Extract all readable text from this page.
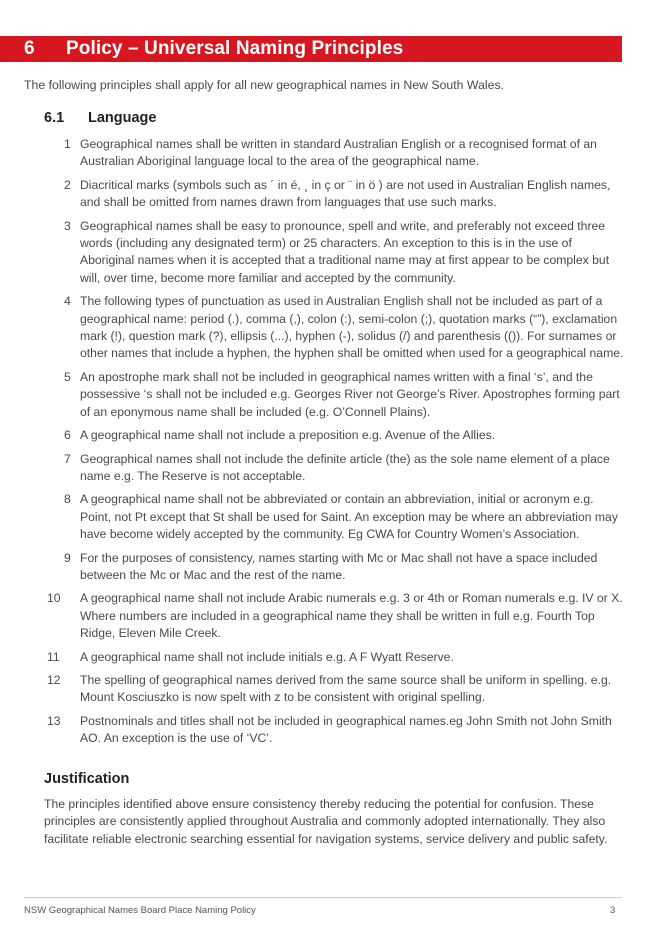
6 Policy – Universal Naming Principles
The following principles shall apply for all new geographical names in New South Wales.
6.1 Language
1 Geographical names shall be written in standard Australian English or a recognised format of an Australian Aboriginal language local to the area of the geographical name.
2 Diacritical marks (symbols such as ´ in é, ¸ in ç or ¨ in ö ) are not used in Australian English names, and shall be omitted from names drawn from languages that use such marks.
3 Geographical names shall be easy to pronounce, spell and write, and preferably not exceed three words (including any designated term) or 25 characters. An exception to this is in the use of Aboriginal names when it is accepted that a traditional name may at first appear to be complex but will, over time, become more familiar and accepted by the community.
4 The following types of punctuation as used in Australian English shall not be included as part of a geographical name: period (.), comma (,), colon (:), semi-colon (;), quotation marks (“”), exclamation mark (!), question mark (?), ellipsis (...), hyphen (-), solidus (/) and parenthesis (()). For surnames or other names that include a hyphen, the hyphen shall be omitted when used for a geographical name.
5 An apostrophe mark shall not be included in geographical names written with a final ‘s’, and the possessive ‘s shall not be included e.g. Georges River not George’s River. Apostrophes forming part of an eponymous name shall be included (e.g. O’Connell Plains).
6 A geographical name shall not include a preposition e.g. Avenue of the Allies.
7 Geographical names shall not include the definite article (the) as the sole name element of a place name e.g. The Reserve is not acceptable.
8 A geographical name shall not be abbreviated or contain an abbreviation, initial or acronym e.g. Point, not Pt except that St shall be used for Saint. An exception may be where an abbreviation may have become widely accepted by the community. Eg CWA for Country Women’s Association.
9 For the purposes of consistency, names starting with Mc or Mac shall not have a space included between the Mc or Mac and the rest of the name.
10	A geographical name shall not include Arabic numerals e.g. 3 or 4th or Roman numerals e.g. IV or X. Where numbers are included in a geographical name they shall be written in full e.g. Fourth Top Ridge, Eleven Mile Creek.
11	A geographical name shall not include initials e.g. A F Wyatt Reserve.
12	The spelling of geographical names derived from the same source shall be uniform in spelling. e.g. Mount Kosciuszko is now spelt with z to be consistent with original spelling.
13	Postnominals and titles shall not be included in geographical names.eg John Smith not John Smith AO. An exception is the use of ‘VC’.
Justification
The principles identified above ensure consistency thereby reducing the potential for confusion. These principles are consistently applied throughout Australia and commonly adopted internationally. They also facilitate reliable electronic searching essential for navigation systems, service delivery and public safety.
NSW Geographical Names Board Place Naming Policy	3
